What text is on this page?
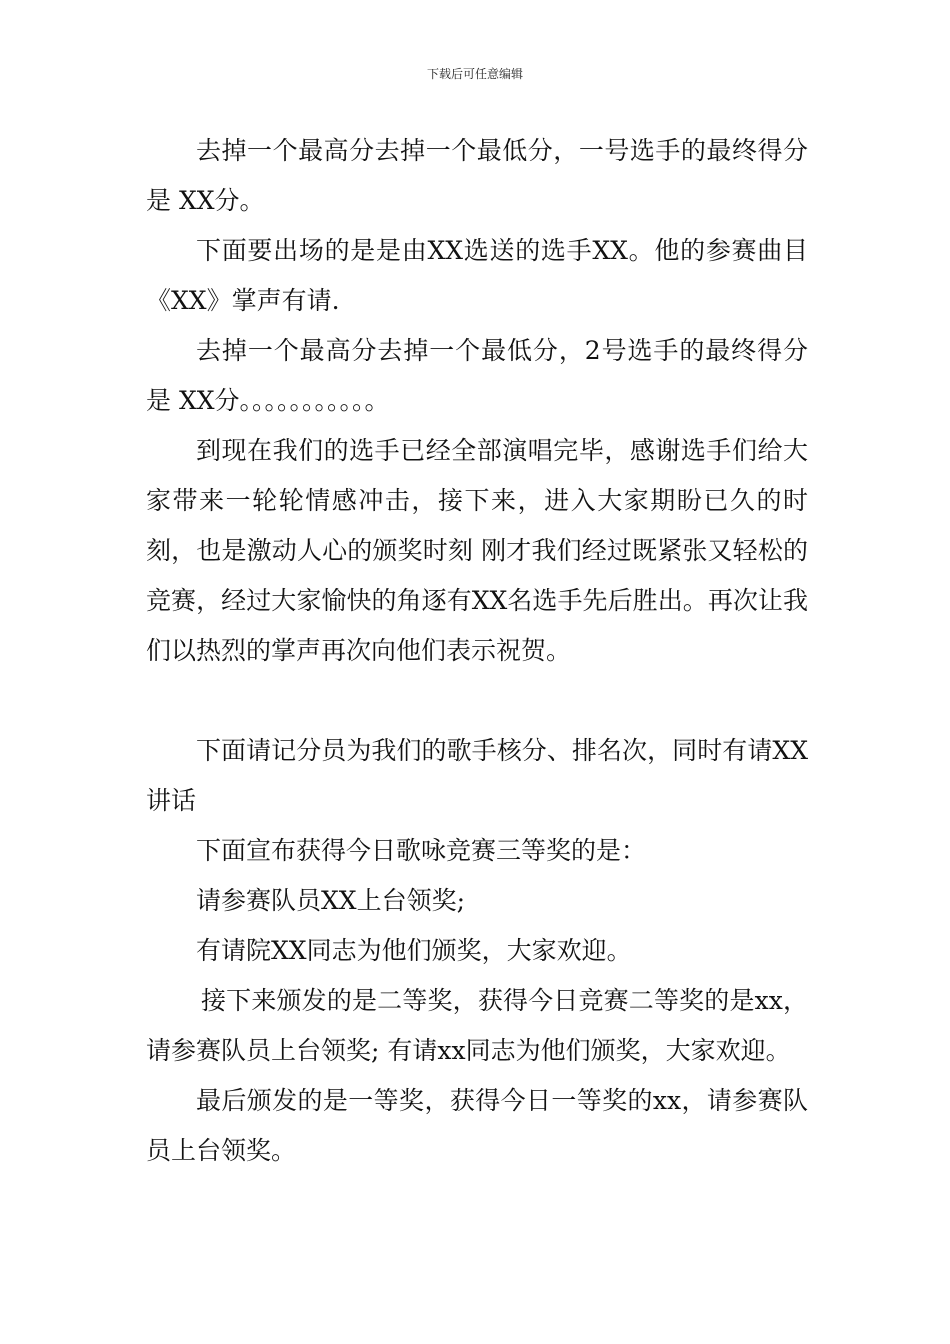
下载后可任意编辑

去掉一个最高分去掉一个最低分，一号选手的最终得分是 XX分。

下面要出场的是是由XX选送的选手XX。他的参赛曲目《XX》掌声有请.

去掉一个最高分去掉一个最低分，2号选手的最终得分是 XX分。。。。。。。。。。。

到现在我们的选手已经全部演唱完毕，感谢选手们给大家带来一轮轮情感冲击，接下来，进入大家期盼已久的时刻，也是激动人心的颁奖时刻 刚才我们经过既紧张又轻松的竞赛，经过大家愉快的角逐有XX名选手先后胜出。再次让我们以热烈的掌声再次向他们表示祝贺。

下面请记分员为我们的歌手核分、排名次，同时有请XX讲话

下面宣布获得今日歌咏竞赛三等奖的是：

请参赛队员XX上台领奖;

有请院XX同志为他们颁奖，大家欢迎。

接下来颁发的是二等奖，获得今日竞赛二等奖的是xx，请参赛队员上台领奖; 有请xx同志为他们颁奖，大家欢迎。

最后颁发的是一等奖，获得今日一等奖的xx，请参赛队员上台领奖。
